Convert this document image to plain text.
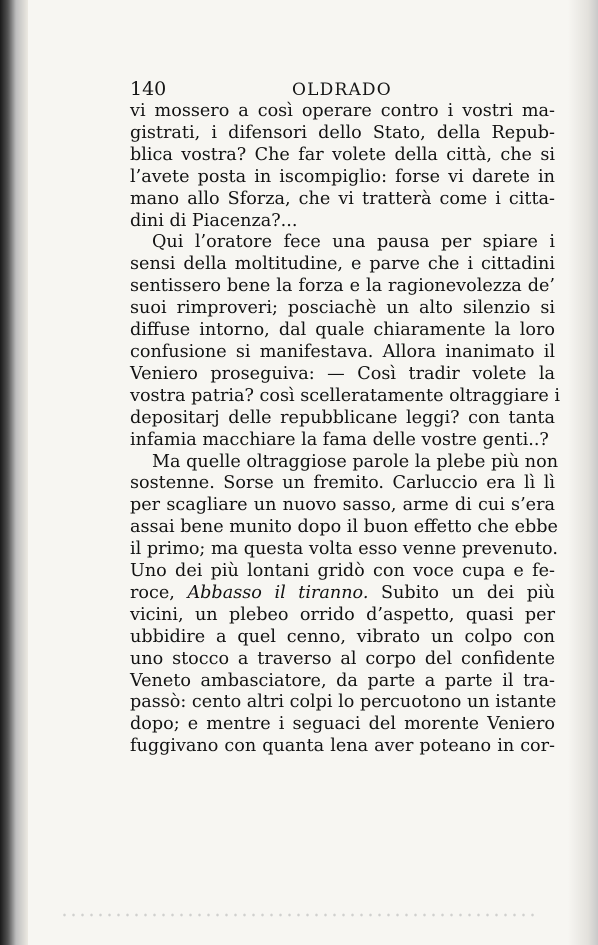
140	OLDRADO
vi mossero a così operare contro i vostri ma-
gistrati, i difensori dello Stato, della Repub-
blica vostra? Che far volete della città, che si
l’avete posta in iscompiglio: forse vi darete in
mano allo Sforza, che vi tratterà come i citta-
dini di Piacenza?...
Qui l’oratore fece una pausa per spiare i
sensi della moltitudine, e parve che i cittadini
sentissero bene la forza e la ragionevolezza de’
suoi rimproveri; posciachè un alto silenzio si
diffuse intorno, dal quale chiaramente la loro
confusione si manifestava. Allora inanimato il
Veniero proseguiva: — Così tradir volete la
vostra patria? così scelleratamente oltraggiare i
depositarj delle repubblicane leggi? con tanta
infamia macchiare la fama delle vostre genti..?
Ma quelle oltraggiose parole la plebe più non
sostenne. Sorse un fremito. Carluccio era lì lì
per scagliare un nuovo sasso, arme di cui s’era
assai bene munito dopo il buon effetto che ebbe
il primo; ma questa volta esso venne prevenuto.
Uno dei più lontani gridò con voce cupa e fe-
roce, Abbasso il tiranno. Subito un dei più
vicini, un plebeo orrido d’aspetto, quasi per
ubbidire a quel cenno, vibrato un colpo con
uno stocco a traverso al corpo del confidente
Veneto ambasciatore, da parte a parte il tra-
passò: cento altri colpi lo percuotono un istante
dopo; e mentre i seguaci del morente Veniero
fuggivano con quanta lena aver poteano in cor-
